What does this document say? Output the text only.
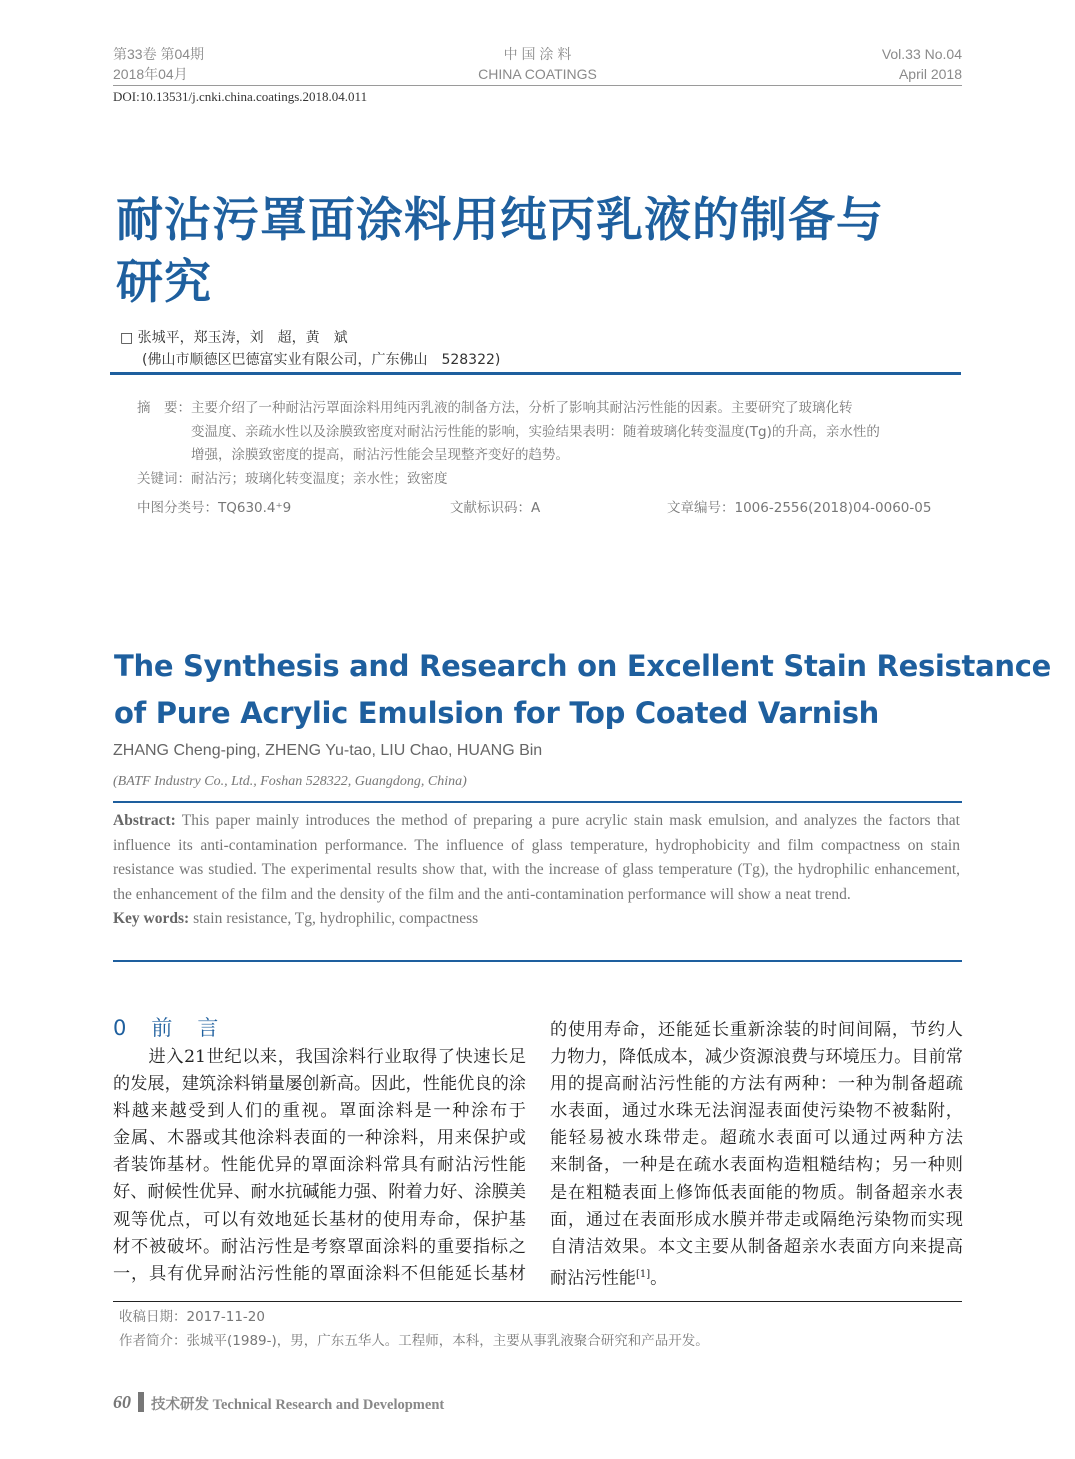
第33卷 第04期
2018年04月
中 国 涂 料
CHINA COATINGS
Vol.33 No.04
April 2018
DOI:10.13531/j.cnki.china.coatings.2018.04.011
耐沾污罩面涂料用纯丙乳液的制备与
研究
□ 张城平，郑玉涛，刘　超，黄　斌
(佛山市顺德区巴德富实业有限公司，广东佛山　528322)
摘　要：主要介绍了一种耐沾污罩面涂料用纯丙乳液的制备方法，分析了影响其耐沾污性能的因素。主要研究了玻璃化转
变温度、亲疏水性以及涂膜致密度对耐沾污性能的影响，实验结果表明：随着玻璃化转变温度(Tg)的升高，亲水性的
增强，涂膜致密度的提高，耐沾污性能会呈现整齐变好的趋势。
关键词：耐沾污；玻璃化转变温度；亲水性；致密度
中图分类号：TQ630.4⁺9	文献标识码：A	文章编号：1006-2556(2018)04-0060-05
The Synthesis and Research on Excellent Stain Resistance
of Pure Acrylic Emulsion for Top Coated Varnish
ZHANG Cheng-ping, ZHENG Yu-tao, LIU Chao, HUANG Bin
(BATF Industry Co., Ltd., Foshan 528322, Guangdong, China)
Abstract: This paper mainly introduces the method of preparing a pure acrylic stain mask emulsion, and analyzes the factors that influence its anti-contamination performance. The influence of glass temperature, hydrophobicity and film compactness on stain resistance was studied. The experimental results show that, with the increase of glass temperature (Tg), the hydrophilic enhancement, the enhancement of the film and the density of the film and the anti-contamination performance will show a neat trend.
Key words: stain resistance, Tg, hydrophilic, compactness
0　前　言
　　进入21世纪以来，我国涂料行业取得了快速长足
的发展，建筑涂料销量屡创新高。因此，性能优良的涂
料越来越受到人们的重视。罩面涂料是一种涂布于
金属、木器或其他涂料表面的一种涂料，用来保护或
者装饰基材。性能优异的罩面涂料常具有耐沾污性能
好、耐候性优异、耐水抗碱能力强、附着力好、涂膜美
观等优点，可以有效地延长基材的使用寿命，保护基
材不被破坏。耐沾污性是考察罩面涂料的重要指标之
一，具有优异耐沾污性能的罩面涂料不但能延长基材
的使用寿命，还能延长重新涂装的时间间隔，节约人
力物力，降低成本，减少资源浪费与环境压力。目前常
用的提高耐沾污性能的方法有两种：一种为制备超疏
水表面，通过水珠无法润湿表面使污染物不被黏附，
能轻易被水珠带走。超疏水表面可以通过两种方法
来制备，一种是在疏水表面构造粗糙结构；另一种则
是在粗糙表面上修饰低表面能的物质。制备超亲水表
面，通过在表面形成水膜并带走或隔绝污染物而实现
自清洁效果。本文主要从制备超亲水表面方向来提高
耐沾污性能[1]。
收稿日期：2017-11-20
作者简介：张城平(1989-)，男，广东五华人。工程师，本科，主要从事乳液聚合研究和产品开发。
60 技术研发 Technical Research and Development
